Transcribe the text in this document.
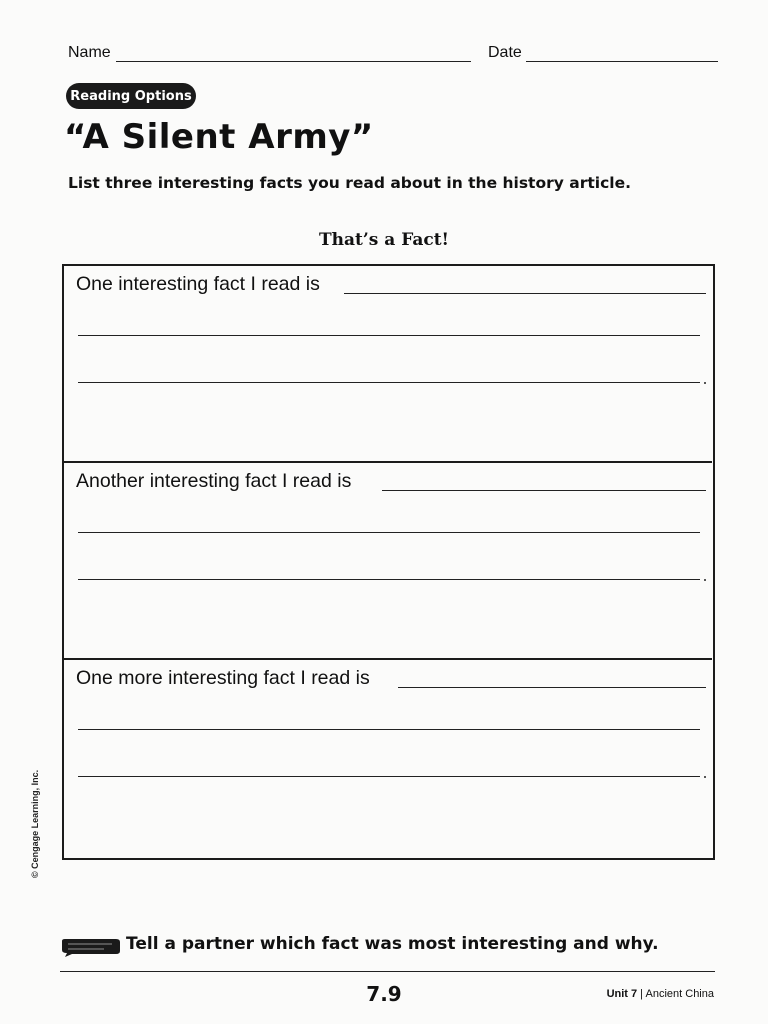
Name	Date
Reading Options
“A Silent Army”
List three interesting facts you read about in the history article.
That’s a Fact!
One interesting fact I read is
Another interesting fact I read is
One more interesting fact I read is
© Cengage Learning, Inc.
Tell a partner which fact was most interesting and why.
7.9	Unit 7 | Ancient China
